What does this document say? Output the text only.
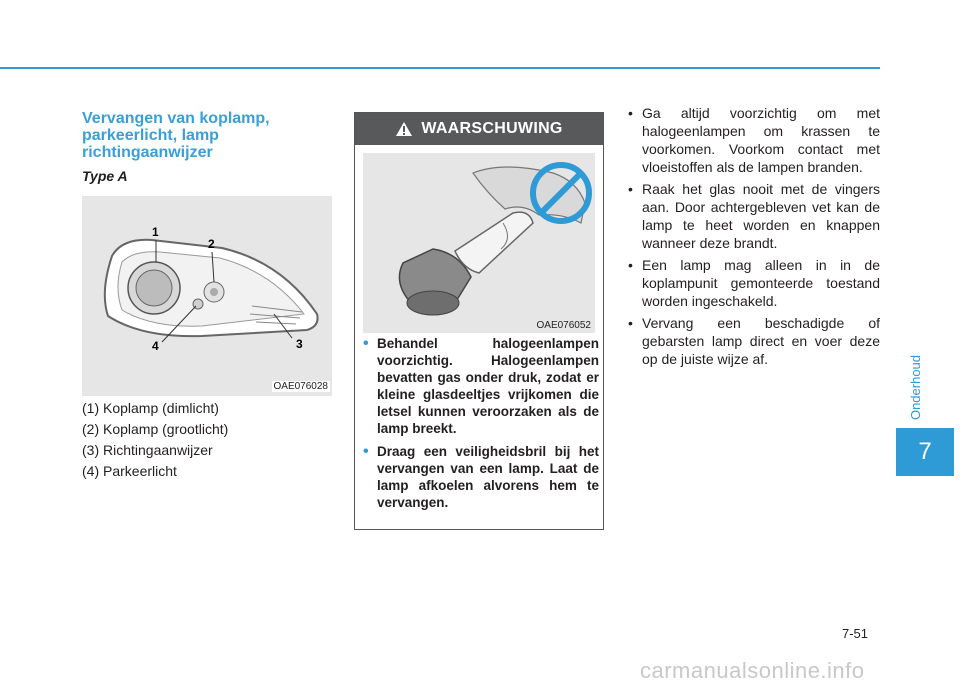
Vervangen van koplamp, parkeerlicht, lamp richtingaanwijzer
Type A
1
2
3
4
OAE076028
(1) Koplamp (dimlicht)
(2) Koplamp (grootlicht)
(3) Richtingaanwijzer
(4) Parkeerlicht
WAARSCHUWING
OAE076052
• Behandel halogeenlampen voorzichtig. Halogeenlampen bevatten gas onder druk, zodat er kleine glasdeeltjes vrijkomen die letsel kunnen veroorzaken als de lamp breekt.
• Draag een veiligheidsbril bij het vervangen van een lamp. Laat de lamp afkoelen alvorens hem te vervangen.
• Ga altijd voorzichtig om met halogeenlampen om krassen te voorkomen. Voorkom contact met vloeistoffen als de lampen branden.
• Raak het glas nooit met de vingers aan. Door achtergebleven vet kan de lamp te heet worden en knappen wanneer deze brandt.
• Een lamp mag alleen in in de koplampunit gemonteerde toestand worden ingeschakeld.
• Vervang een beschadigde of gebarsten lamp direct en voer deze op de juiste wijze af.	Onderhoud
7
7-51
carmanualsonline.info
